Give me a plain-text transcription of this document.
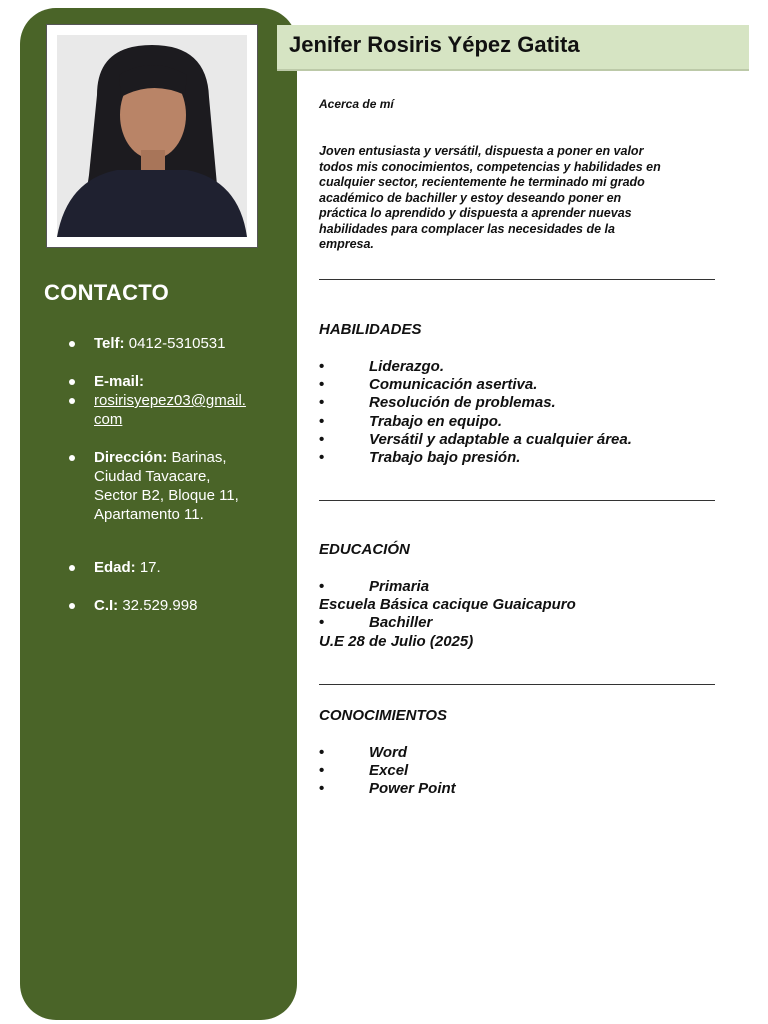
CONTACTO
Telf: 0412-5310531
E-mail:
rosirisyepez03@gmail.
com
Dirección: Barinas,
Ciudad Tavacare,
Sector B2, Bloque 11,
Apartamento 11.
Edad: 17.
C.I: 32.529.998
Jenifer Rosiris Yépez Gatita
Acerca de mí
Joven entusiasta y versátil, dispuesta a poner en valor
todos mis conocimientos, competencias y habilidades en
cualquier sector, recientemente he terminado mi grado
académico de bachiller y estoy deseando poner en
práctica lo aprendido y dispuesta a aprender nuevas
habilidades para complacer las necesidades de la
empresa.
HABILIDADES
• Liderazgo.
• Comunicación asertiva.
• Resolución de problemas.
• Trabajo en equipo.
• Versátil y adaptable a cualquier área.
• Trabajo bajo presión.
EDUCACIÓN
• Primaria
Escuela Básica cacique Guaicapuro
• Bachiller
U.E 28 de Julio (2025)
CONOCIMIENTOS
• Word
• Excel
• Power Point
